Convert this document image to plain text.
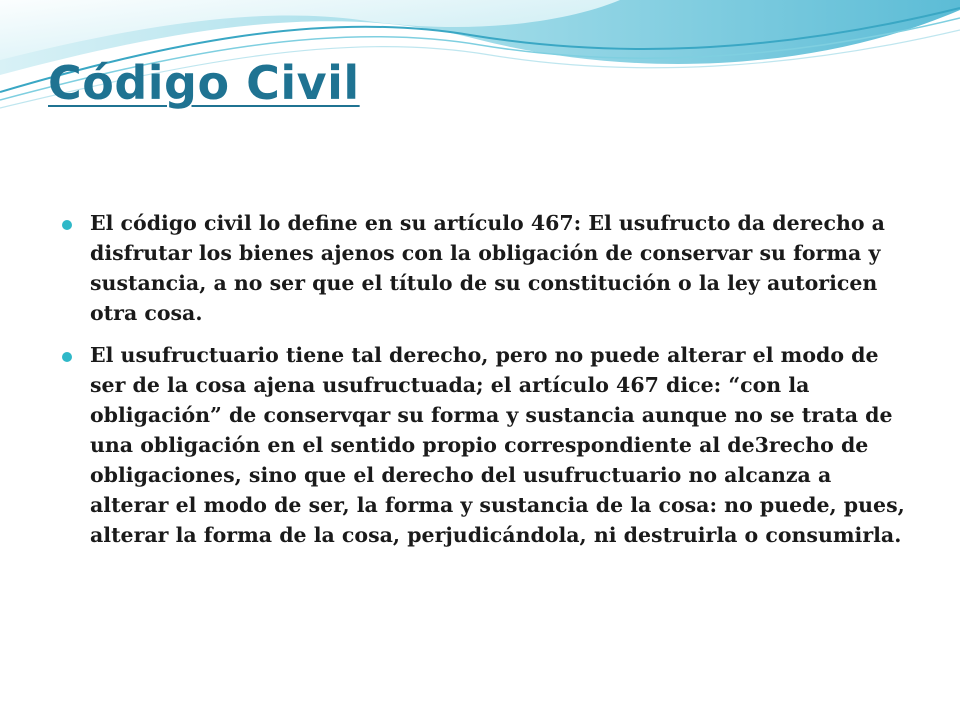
Código Civil
El código civil lo define en su artículo 467: El usufructo da derecho a disfrutar los bienes ajenos con la obligación de conservar su forma y sustancia, a no ser que el título de su constitución o la ley autoricen otra cosa.
El usufructuario tiene tal derecho, pero no puede alterar el modo de ser de la cosa ajena usufructuada; el artículo 467 dice: “con la obligación” de conservqar su forma y sustancia aunque no se trata de una obligación en el sentido propio correspondiente al de3recho de obligaciones, sino que el derecho del usufructuario no alcanza a alterar el modo de ser, la forma y sustancia de la cosa: no puede, pues, alterar la forma de la cosa, perjudicándola, ni destruirla o consumirla.
